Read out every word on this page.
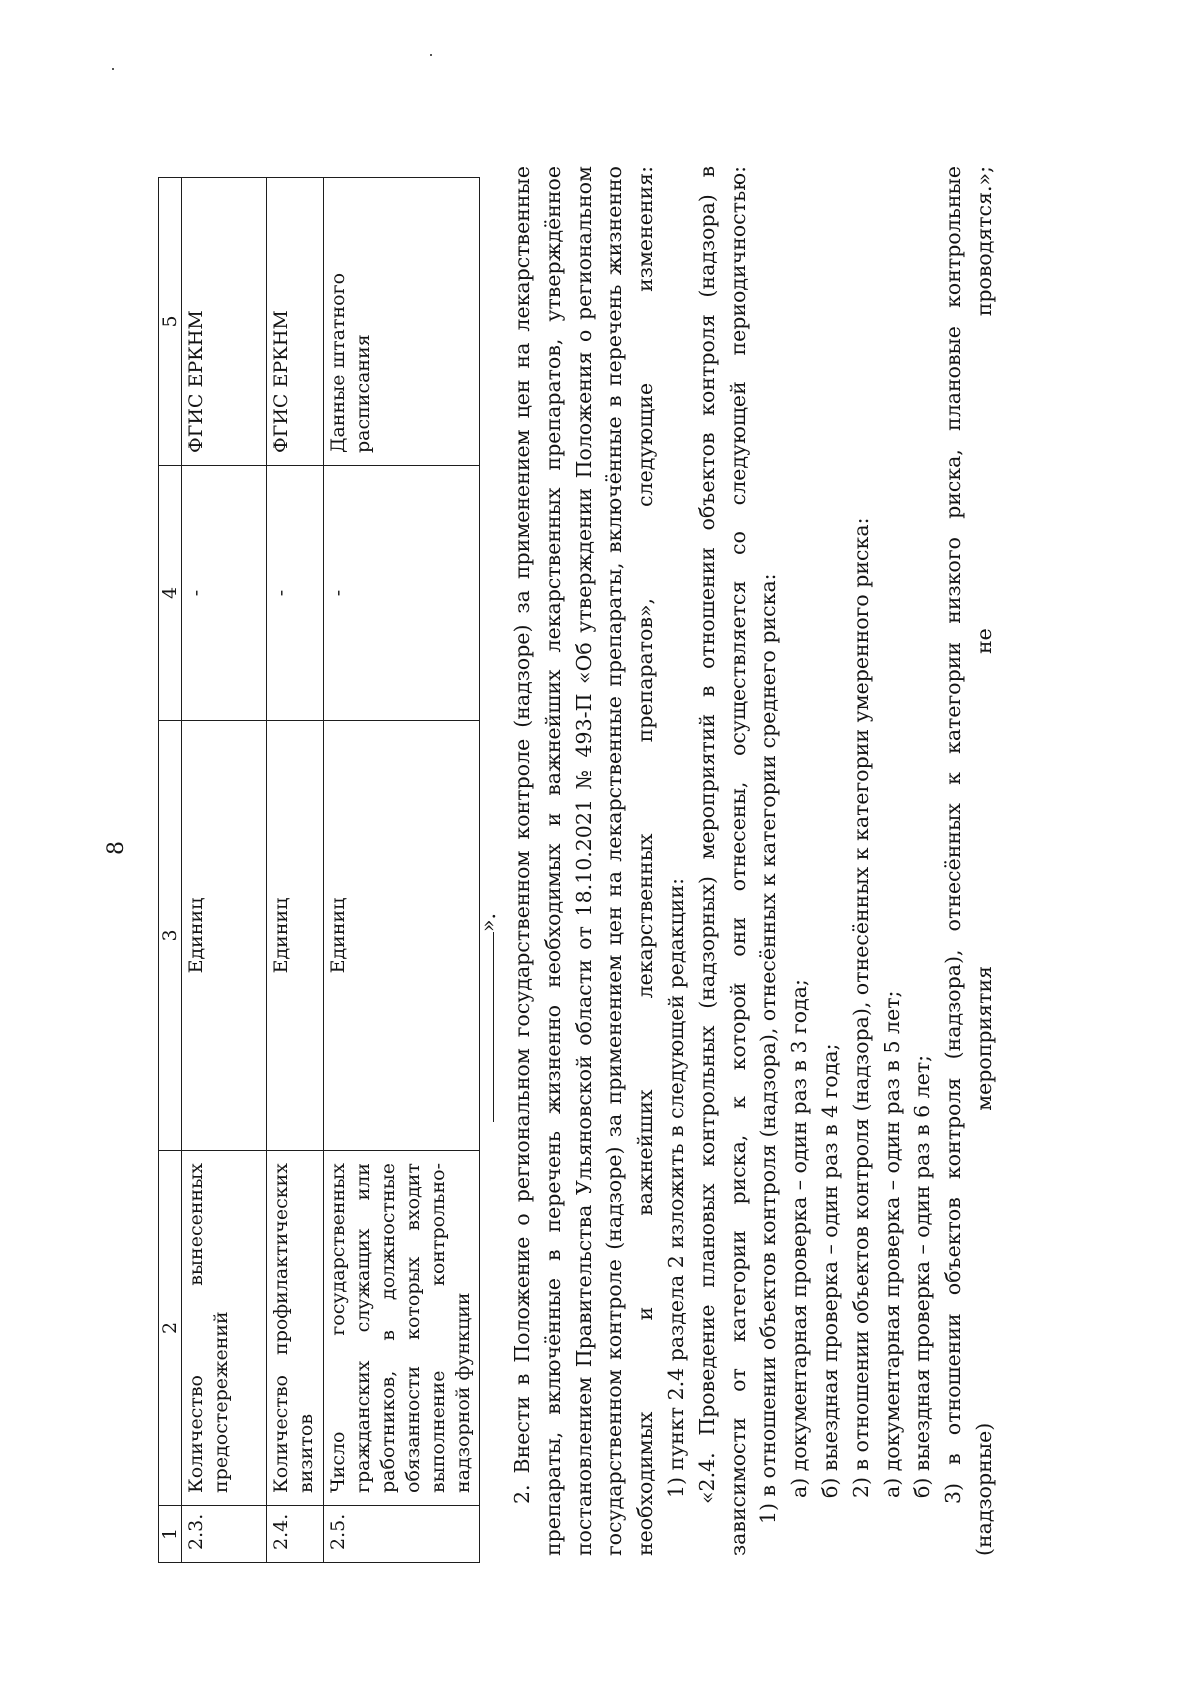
8
1	2	3	4	5
2.3.	Количество вынесенных предостережений	Единиц	-	ФГИС ЕРКНМ
2.4.	Количество профилактических визитов	Единиц	-	ФГИС ЕРКНМ
2.5.	Число государственных гражданских служащих или работников, в должностные обязанности которых входит выполнение контрольно-надзорной функции	Единиц	-	Данные штатного расписания

». 2. Внести в Положение о региональном государственном контроле (надзоре) за применением цен на лекарственные препараты, включённые в перечень жизненно необходимых и важнейших лекарственных препаратов, утверждённое постановлением Правительства Ульяновской области от 18.10.2021 № 493-П «Об утверждении Положения о региональном государственном контроле (надзоре) за применением цен на лекарственные препараты, включённые в перечень жизненно необходимых и важнейших лекарственных препаратов», следующие изменения: 1) пункт 2.4 раздела 2 изложить в следующей редакции: «2.4. Проведение плановых контрольных (надзорных) мероприятий в отношении объектов контроля (надзора) в зависимости от категории риска, к которой они отнесены, осуществляется со следующей периодичностью: 1) в отношении объектов контроля (надзора), отнесённых к категории среднего риска: а) документарная проверка – один раз в 3 года; б) выездная проверка – один раз в 4 года; 2) в отношении объектов контроля (надзора), отнесённых к категории умеренного риска: а) документарная проверка – один раз в 5 лет; б) выездная проверка – один раз в 6 лет; 3) в отношении объектов контроля (надзора), отнесённых к категории низкого риска, плановые контрольные (надзорные) мероприятия не проводятся.»;
